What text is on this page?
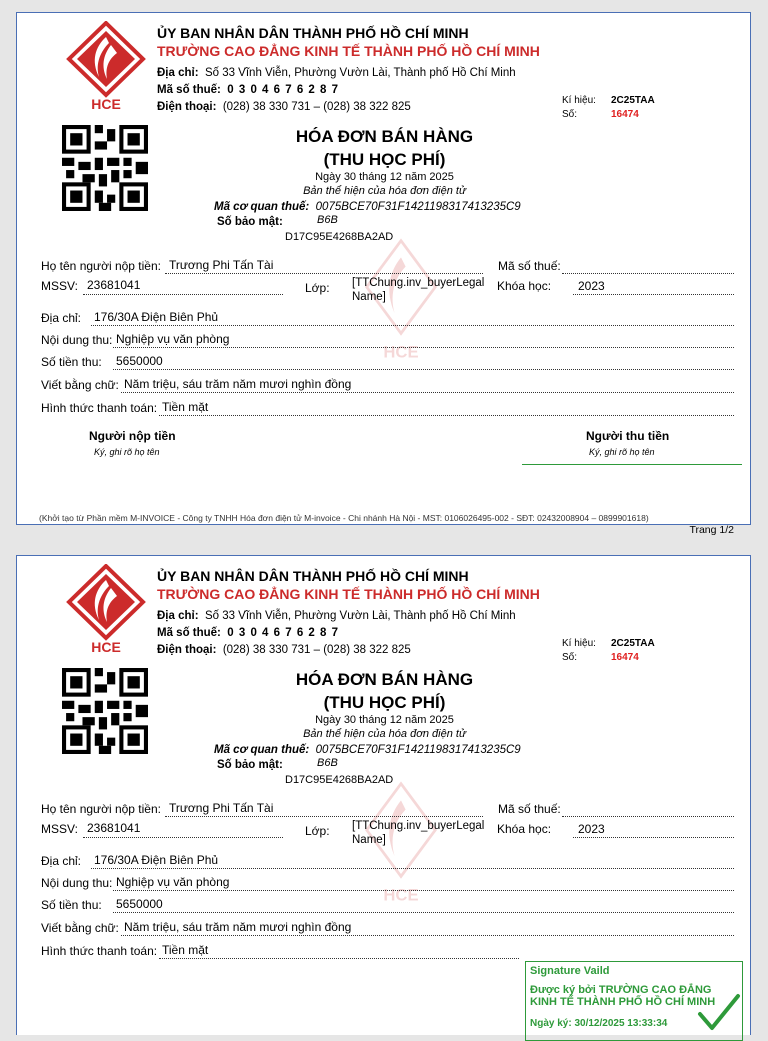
HCE
ỦY BAN NHÂN DÂN THÀNH PHỐ HỒ CHÍ MINH
TRƯỜNG CAO ĐẲNG KINH TẾ THÀNH PHỐ HỒ CHÍ MINH
Địa chỉ: Số 33 Vĩnh Viễn, Phường Vườn Lài, Thành phố Hồ Chí Minh
Mã số thuế: 0 3 0 4 6 7 6 2 8 7
Điện thoại: (028) 38 330 731 – (028) 38 322 825
Kí hiệu: 2C25TAA
Số:	16474
HÓA ĐƠN BÁN HÀNG
(THU HỌC PHÍ)
Ngày 30 tháng 12 năm 2025
Bản thể hiện của hóa đơn điện tử
Mã cơ quan thuế: 0075BCE70F31F1421198317413235C9
Số bảo mật:	B6B
D17C95E4268BA2AD
HCE
Họ tên người nộp tiền: Trương Phi Tấn Tài	Mã số thuế:
MSSV: 23681041	Lớp: [TTChung.inv_buyerLegal
Name]
Khóa học: 2023
Địa chỉ: 176/30A Điện Biên Phủ
Nội dung thu: Nghiệp vụ văn phòng
Số tiền thu: 5650000
Viết bằng chữ: Năm triệu, sáu trăm năm mươi nghìn đồng
Hình thức thanh toán: Tiền mặt
Người nộp tiền
Ký, ghi rõ họ tên
Người thu tiền
Ký, ghi rõ họ tên
(Khởi tạo từ Phần mềm M-INVOICE - Công ty TNHH Hóa đơn điện tử M-invoice - Chi nhánh Hà Nội - MST: 0106026495-002 - SĐT: 02432008904 – 0899901618)
Trang 1/2
HCE
ỦY BAN NHÂN DÂN THÀNH PHỐ HỒ CHÍ MINH
TRƯỜNG CAO ĐẲNG KINH TẾ THÀNH PHỐ HỒ CHÍ MINH
Địa chỉ: Số 33 Vĩnh Viễn, Phường Vườn Lài, Thành phố Hồ Chí Minh
Mã số thuế: 0 3 0 4 6 7 6 2 8 7
Điện thoại: (028) 38 330 731 – (028) 38 322 825
Kí hiệu: 2C25TAA
Số:	16474
HÓA ĐƠN BÁN HÀNG
(THU HỌC PHÍ)
Ngày 30 tháng 12 năm 2025
Bản thể hiện của hóa đơn điện tử
Mã cơ quan thuế: 0075BCE70F31F1421198317413235C9
Số bảo mật:	B6B
D17C95E4268BA2AD
HCE
Họ tên người nộp tiền: Trương Phi Tấn Tài	Mã số thuế:
MSSV: 23681041	Lớp: [TTChung.inv_buyerLegal
Name]
Khóa học: 2023
Địa chỉ: 176/30A Điện Biên Phủ
Nội dung thu: Nghiệp vụ văn phòng
Số tiền thu: 5650000
Viết bằng chữ: Năm triệu, sáu trăm năm mươi nghìn đồng
Hình thức thanh toán: Tiền mặt
Signature Vaild
Được ký bởi TRƯỜNG CAO ĐẲNG KINH TẾ THÀNH PHỐ HỒ CHÍ MINH
Ngày ký: 30/12/2025 13:33:34
